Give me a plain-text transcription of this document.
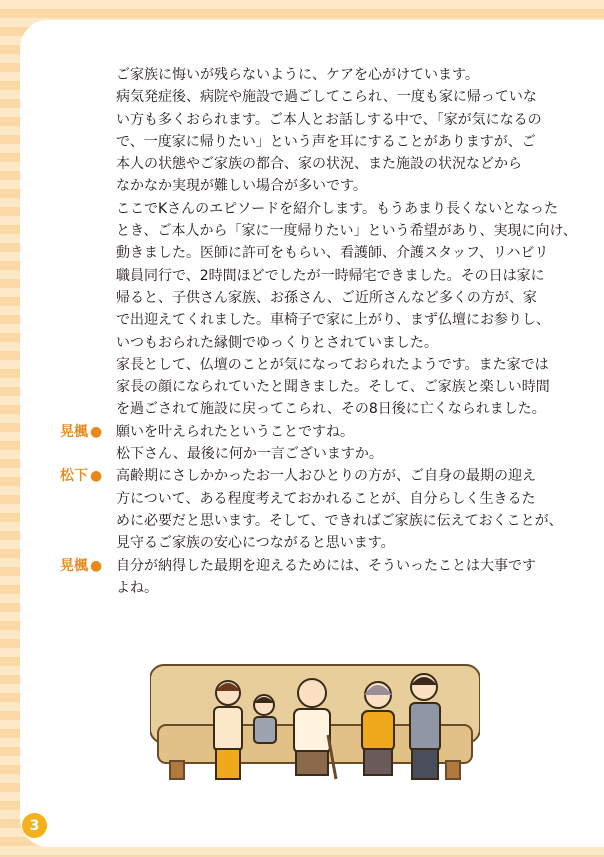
ご家族に悔いが残らないように、ケアを心がけています。
病気発症後、病院や施設で過ごしてこられ、一度も家に帰っていな
い方も多くおられます。ご本人とお話しする中で、「家が気になるの
で、一度家に帰りたい」という声を耳にすることがありますが、ご
本人の状態やご家族の都合、家の状況、また施設の状況などから
なかなか実現が難しい場合が多いです。
ここでKさんのエピソードを紹介します。もうあまり長くないとなった
とき、ご本人から「家に一度帰りたい」という希望があり、実現に向け、
動きました。医師に許可をもらい、看護師、介護スタッフ、リハビリ
職員同行で、2時間ほどでしたが一時帰宅できました。その日は家に
帰ると、子供さん家族、お孫さん、ご近所さんなど多くの方が、家
で出迎えてくれました。車椅子で家に上がり、まず仏壇にお参りし、
いつもおられた縁側でゆっくりとされていました。
家長として、仏壇のことが気になっておられたようです。また家では
家長の顔になられていたと聞きました。そして、ご家族と楽しい時間
を過ごされて施設に戻ってこられ、その8日後に亡くなられました。
晃楓 ● 願いを叶えられたということですね。
松下さん、最後に何か一言ございますか。
松下 ● 高齢期にさしかかったお一人おひとりの方が、ご自身の最期の迎え
方について、ある程度考えておかれることが、自分らしく生きるた
めに必要だと思います。そして、できればご家族に伝えておくことが、
見守るご家族の安心につながると思います。
晃楓 ● 自分が納得した最期を迎えるためには、そういったことは大事です
よね。
3
